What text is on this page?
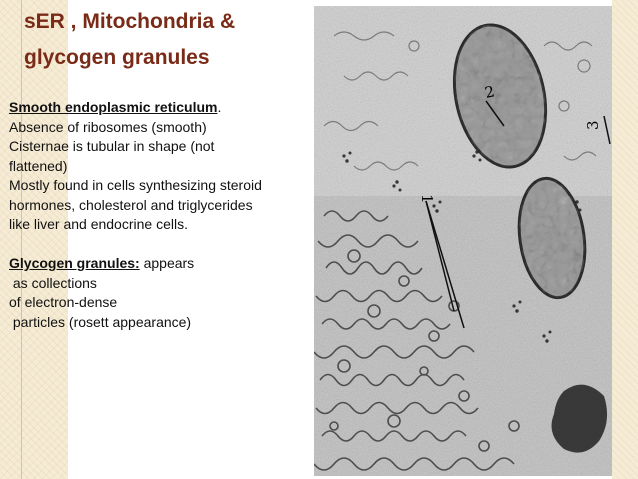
sER , Mitochondria &
glycogen granules
Smooth endoplasmic reticulum.
Absence of ribosomes (smooth)
Cisternae is tubular in shape (not
flattened)
Mostly found in cells synthesizing steroid
hormones, cholesterol and triglycerides
like liver and endocrine cells.
Glycogen granules: appears
as collections
of electron-dense
particles (rosett appearance)
1
2
3
